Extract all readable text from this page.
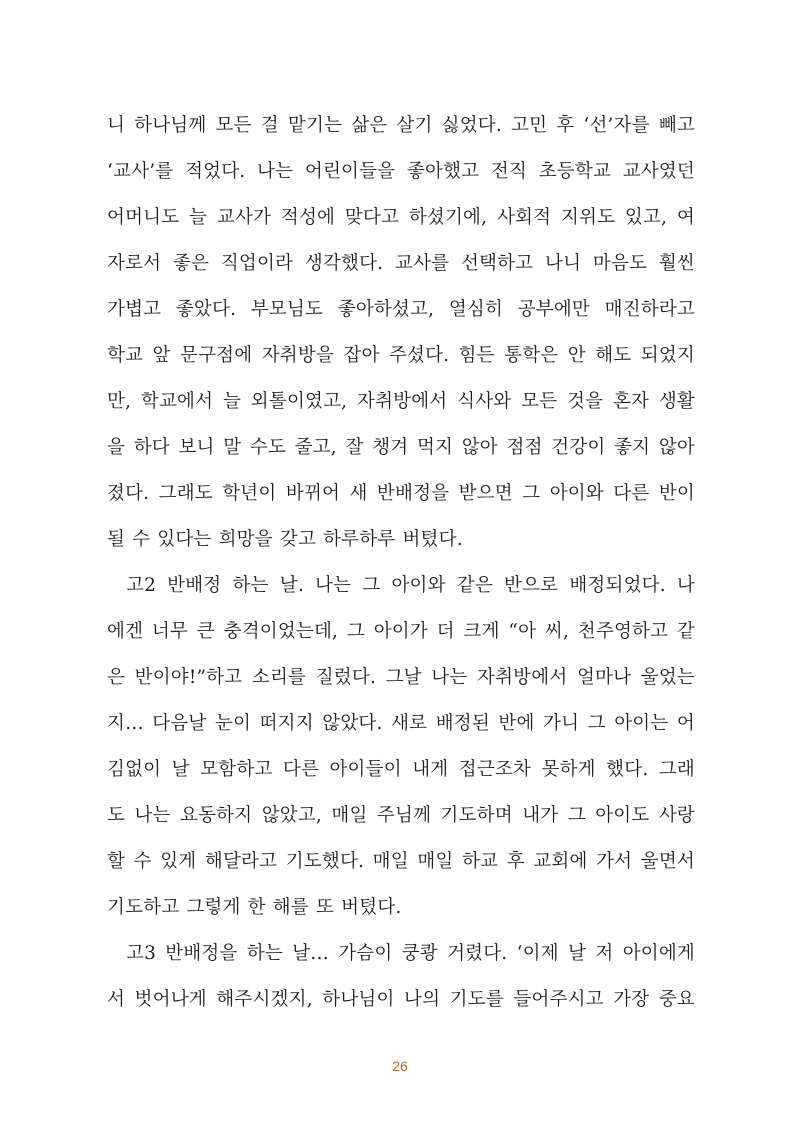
니 하나님께 모든 걸 맡기는 삶은 살기 싫었다. 고민 후 ‘선’자를 빼고
‘교사’를 적었다. 나는 어린이들을 좋아했고 전직 초등학교 교사였던
어머니도 늘 교사가 적성에 맞다고 하셨기에, 사회적 지위도 있고, 여
자로서 좋은 직업이라 생각했다. 교사를 선택하고 나니 마음도 훨씬
가볍고 좋았다. 부모님도 좋아하셨고, 열심히 공부에만 매진하라고
학교 앞 문구점에 자취방을 잡아 주셨다. 힘든 통학은 안 해도 되었지
만, 학교에서 늘 외톨이였고, 자취방에서 식사와 모든 것을 혼자 생활
을 하다 보니 말 수도 줄고, 잘 챙겨 먹지 않아 점점 건강이 좋지 않아
졌다. 그래도 학년이 바뀌어 새 반배정을 받으면 그 아이와 다른 반이
될 수 있다는 희망을 갖고 하루하루 버텼다.
고2 반배정 하는 날. 나는 그 아이와 같은 반으로 배정되었다. 나
에겐 너무 큰 충격이었는데, 그 아이가 더 크게 “아 씨, 천주영하고 같
은 반이야!”하고 소리를 질렀다. 그날 나는 자취방에서 얼마나 울었는
지… 다음날 눈이 떠지지 않았다. 새로 배정된 반에 가니 그 아이는 어
김없이 날 모함하고 다른 아이들이 내게 접근조차 못하게 했다. 그래
도 나는 요동하지 않았고, 매일 주님께 기도하며 내가 그 아이도 사랑
할 수 있게 해달라고 기도했다. 매일 매일 하교 후 교회에 가서 울면서
기도하고 그렇게 한 해를 또 버텼다.
고3 반배정을 하는 날… 가슴이 쿵쾅 거렸다. ‘이제 날 저 아이에게
서 벗어나게 해주시겠지, 하나님이 나의 기도를 들어주시고 가장 중요
26
